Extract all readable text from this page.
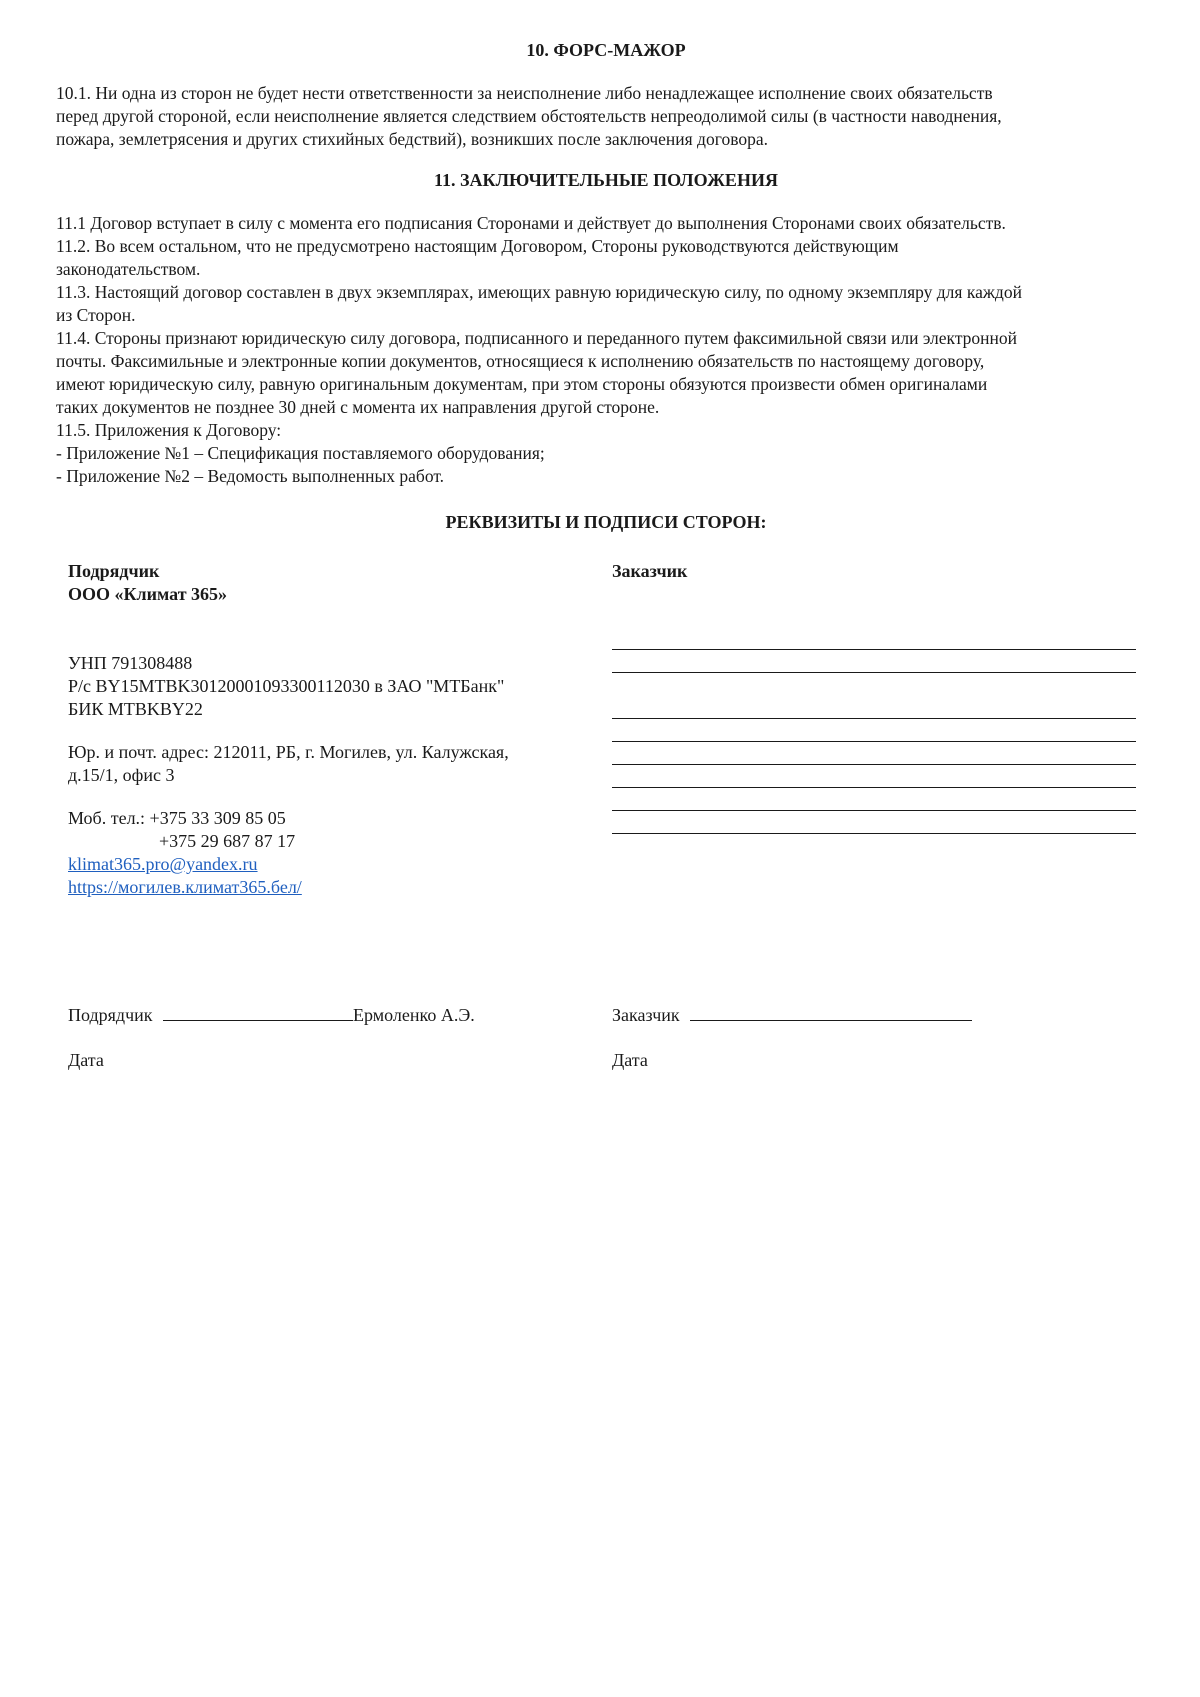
10. ФОРС-МАЖОР

10.1. Ни одна из сторон не будет нести ответственности за неисполнение либо ненадлежащее исполнение своих обязательств

перед другой стороной, если неисполнение является следствием обстоятельств непреодолимой силы (в частности наводнения,

пожара, землетрясения и других стихийных бедствий), возникших после заключения договора.

11. ЗАКЛЮЧИТЕЛЬНЫЕ ПОЛОЖЕНИЯ

11.1 Договор вступает в силу с момента его подписания Сторонами и действует до выполнения Сторонами своих обязательств.

11.2. Во всем остальном, что не предусмотрено настоящим Договором, Стороны руководствуются действующим

законодательством.

11.3. Настоящий договор составлен в двух экземплярах, имеющих равную юридическую силу, по одному экземпляру для каждой

из Сторон.

11.4. Стороны признают юридическую силу договора, подписанного и переданного путем факсимильной связи или электронной

почты. Факсимильные и электронные копии документов, относящиеся к исполнению обязательств по настоящему договору,

имеют юридическую силу, равную оригинальным документам, при этом стороны обязуются произвести обмен оригиналами

таких документов не позднее 30 дней с момента их направления другой стороне.

11.5. Приложения к Договору:

- Приложение №1 – Спецификация поставляемого оборудования;

- Приложение №2 – Ведомость выполненных работ.

РЕКВИЗИТЫ И ПОДПИСИ СТОРОН:

Подрядчик

ООО «Климат 365»

УНП 791308488

Р/с BY15MTBK30120001093300112030 в ЗАО "МТБанк"

БИК MTBKBY22

Юр. и почт. адрес: 212011, РБ, г. Могилев, ул. Калужская,

д.15/1, офис 3

Моб. тел.: +375 33 309 85 05

+375 29 687 87 17

klimat365.pro@yandex.ru

https://могилев.климат365.бел/

Заказчик

Подрядчик	Ермоленко А.Э.	Заказчик
Дата	Дата
